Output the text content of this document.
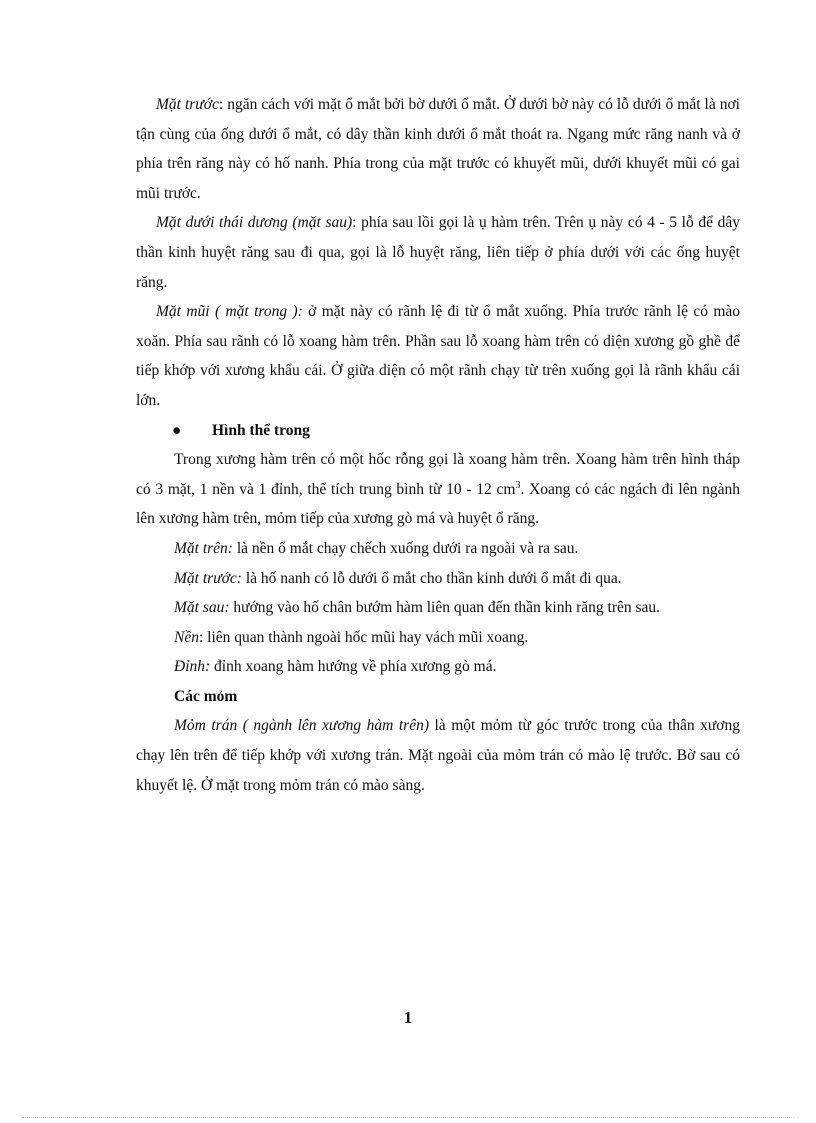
Mặt trước: ngăn cách với mặt ổ mắt bởi bờ dưới ổ mắt. Ở dưới bờ này có lỗ dưới ổ mắt là nơi tận cùng của ống dưới ổ mắt, có dây thần kinh dưới ổ mắt thoát ra. Ngang mức răng nanh và ở phía trên răng này có hố nanh. Phía trong của mặt trước có khuyết mũi, dưới khuyết mũi có gai mũi trước.

Mặt dưới thái dương (mặt sau): phía sau lồi gọi là ụ hàm trên. Trên ụ này có 4 - 5 lỗ để dây thần kinh huyệt răng sau đi qua, gọi là lỗ huyệt răng, liên tiếp ở phía dưới với các ống huyệt răng.

Mặt mũi ( mặt trong ): ở mặt này có rãnh lệ đi từ ổ mắt xuống. Phía trước rãnh lệ có mào xoăn. Phía sau rãnh có lỗ xoang hàm trên. Phần sau lỗ xoang hàm trên có diện xương gồ ghề để tiếp khớp với xương khẩu cái. Ở giữa diện có một rãnh chạy từ trên xuống gọi là rãnh khẩu cái lớn.

● Hình thể trong

Trong xương hàm trên có một hốc rỗng gọi là xoang hàm trên. Xoang hàm trên hình tháp có 3 mặt, 1 nền và 1 đỉnh, thể tích trung bình từ 10 - 12 $cm^3$. Xoang có các ngách đi lên ngành lên xương hàm trên, mỏm tiếp của xương gò má và huyệt ổ răng.

Mặt trên: là nền ổ mắt chạy chếch xuống dưới ra ngoài và ra sau.

Mặt trước: là hố nanh có lỗ dưới ổ mắt cho thần kinh dưới ổ mắt đi qua.

Mặt sau: hướng vào hố chân bướm hàm liên quan đến thần kinh răng trên sau.

Nền: liên quan thành ngoài hốc mũi hay vách mũi xoang.

Đỉnh: đỉnh xoang hàm hướng về phía xương gò má.

Các mỏm

Mỏm trán ( ngành lên xương hàm trên) là một mỏm từ góc trước trong của thân xương chạy lên trên để tiếp khớp với xương trán. Mặt ngoài của mỏm trán có mào lệ trước. Bờ sau có khuyết lệ. Ở mặt trong mỏm trán có mào sàng.

1
